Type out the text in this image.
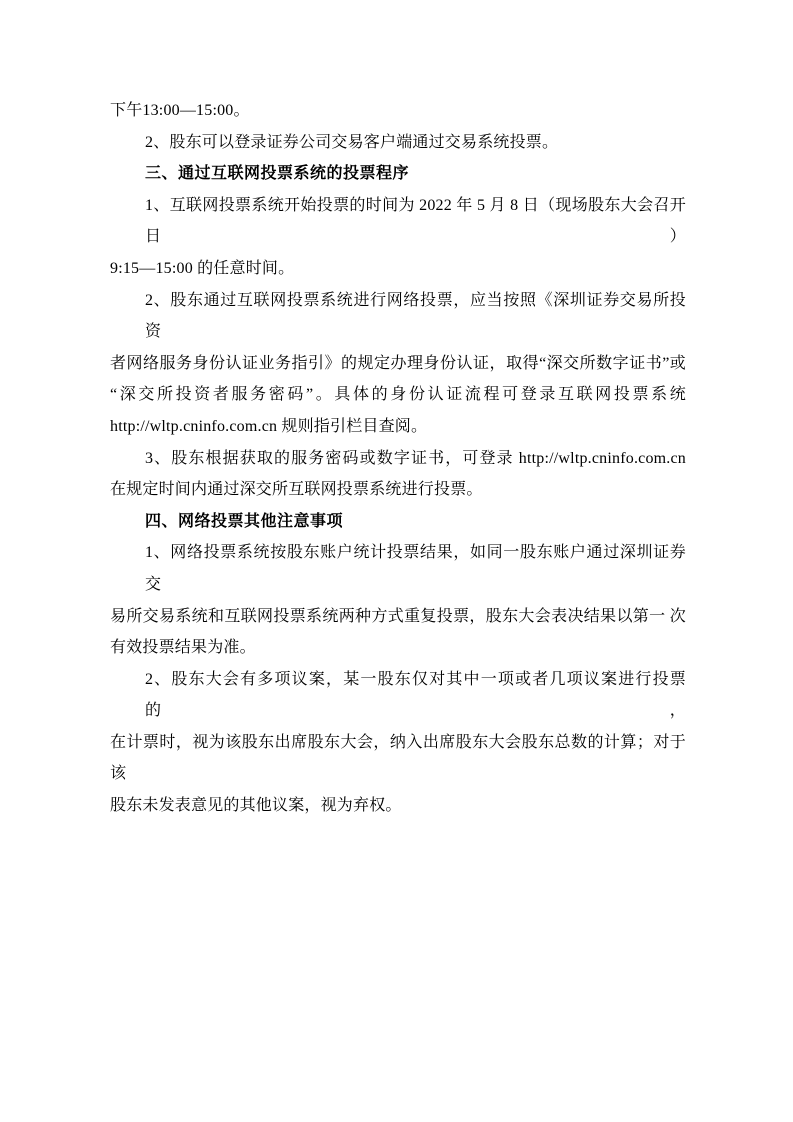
下午13:00—15:00。
2、股东可以登录证券公司交易客户端通过交易系统投票。
三、通过互联网投票系统的投票程序
1、互联网投票系统开始投票的时间为 2022 年 5 月 8 日（现场股东大会召开日）
9:15—15:00 的任意时间。
2、股东通过互联网投票系统进行网络投票，应当按照《深圳证券交易所投资
者网络服务身份认证业务指引》的规定办理身份认证，取得“深交所数字证书”或
“深交所投资者服务密码”。具体的身份认证流程可登录互联网投票系统
http://wltp.cninfo.com.cn 规则指引栏目查阅。
3、股东根据获取的服务密码或数字证书，可登录 http://wltp.cninfo.com.cn
在规定时间内通过深交所互联网投票系统进行投票。
四、网络投票其他注意事项
1、网络投票系统按股东账户统计投票结果，如同一股东账户通过深圳证券交
易所交易系统和互联网投票系统两种方式重复投票，股东大会表决结果以第一 次
有效投票结果为准。
2、股东大会有多项议案，某一股东仅对其中一项或者几项议案进行投票的，
在计票时，视为该股东出席股东大会，纳入出席股东大会股东总数的计算；对于该
股东未发表意见的其他议案，视为弃权。
